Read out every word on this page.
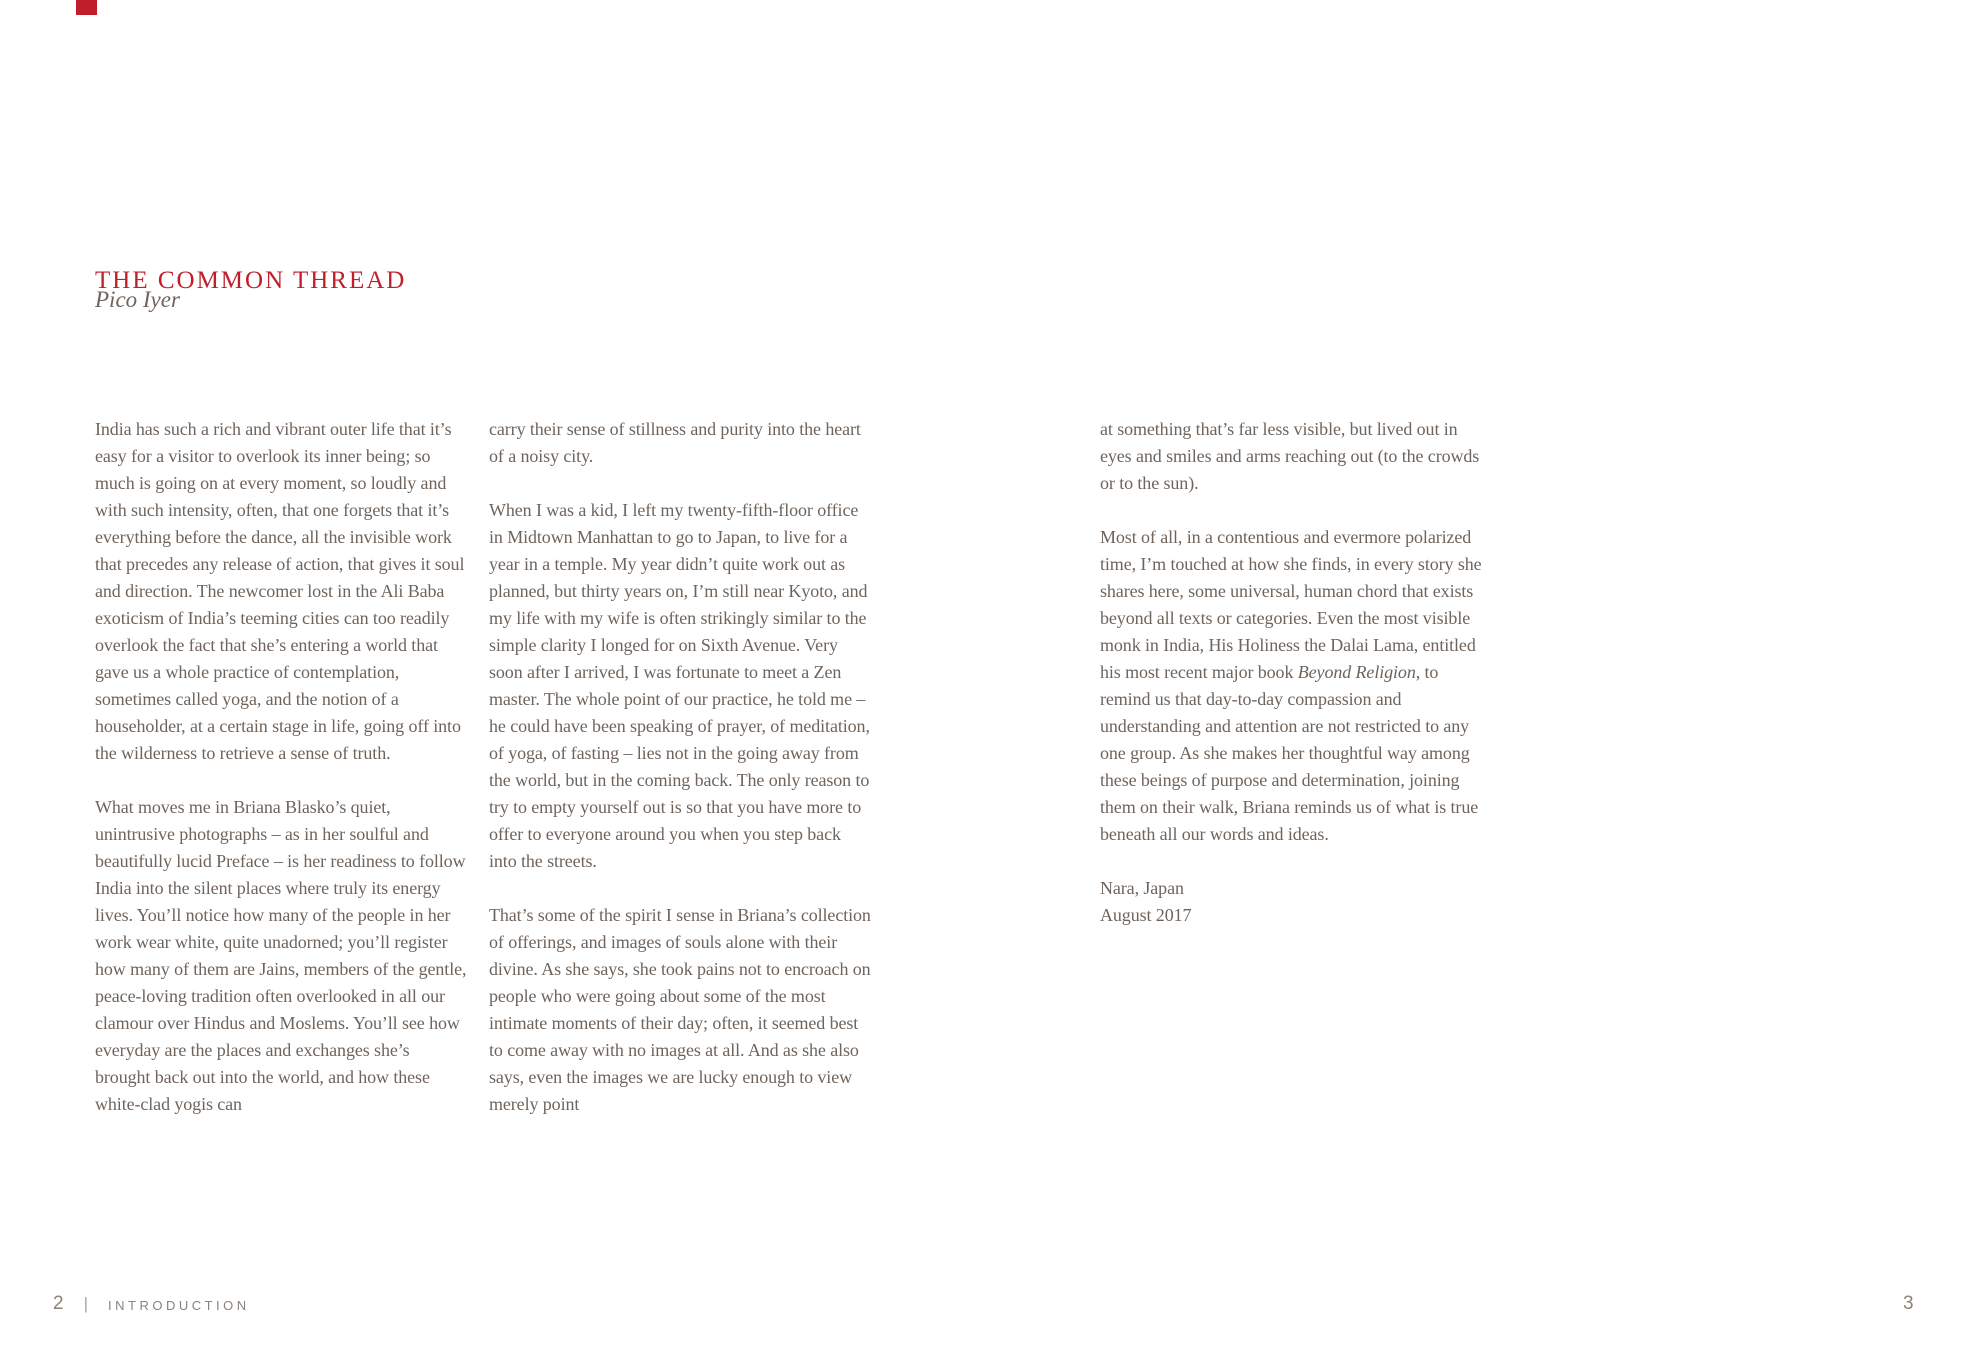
THE COMMON THREAD
Pico Iyer

India has such a rich and vibrant outer life that it’s easy for a visitor to overlook its inner being; so much is going on at every moment, so loudly and with such intensity, often, that one forgets that it’s everything before the dance, all the invisible work that precedes any release of action, that gives it soul and direction. The newcomer lost in the Ali Baba exoticism of India’s teeming cities can too readily overlook the fact that she’s entering a world that gave us a whole practice of contemplation, sometimes called yoga, and the notion of a householder, at a certain stage in life, going off into the wilderness to retrieve a sense of truth.

What moves me in Briana Blasko’s quiet, unintrusive photographs – as in her soulful and beautifully lucid Preface – is her readiness to follow India into the silent places where truly its energy lives. You’ll notice how many of the people in her work wear white, quite unadorned; you’ll register how many of them are Jains, members of the gentle, peace-loving tradition often overlooked in all our clamour over Hindus and Moslems. You’ll see how everyday are the places and exchanges she’s brought back out into the world, and how these white-clad yogis can

carry their sense of stillness and purity into the heart of a noisy city.

When I was a kid, I left my twenty-fifth-floor office in Midtown Manhattan to go to Japan, to live for a year in a temple. My year didn’t quite work out as planned, but thirty years on, I’m still near Kyoto, and my life with my wife is often strikingly similar to the simple clarity I longed for on Sixth Avenue. Very soon after I arrived, I was fortunate to meet a Zen master. The whole point of our practice, he told me – he could have been speaking of prayer, of meditation, of yoga, of fasting – lies not in the going away from the world, but in the coming back. The only reason to try to empty yourself out is so that you have more to offer to everyone around you when you step back into the streets.

That’s some of the spirit I sense in Briana’s collection of offerings, and images of souls alone with their divine. As she says, she took pains not to encroach on people who were going about some of the most intimate moments of their day; often, it seemed best to come away with no images at all. And as she also says, even the images we are lucky enough to view merely point

at something that’s far less visible, but lived out in eyes and smiles and arms reaching out (to the crowds or to the sun).

Most of all, in a contentious and evermore polarized time, I’m touched at how she finds, in every story she shares here, some universal, human chord that exists beyond all texts or categories. Even the most visible monk in India, His Holiness the Dalai Lama, entitled his most recent major book Beyond Religion, to remind us that day-to-day compassion and understanding and attention are not restricted to any one group. As she makes her thoughtful way among these beings of purpose and determination, joining them on their walk, Briana reminds us of what is true beneath all our words and ideas.

Nara, Japan
August 2017

2 | INTRODUCTION	3
